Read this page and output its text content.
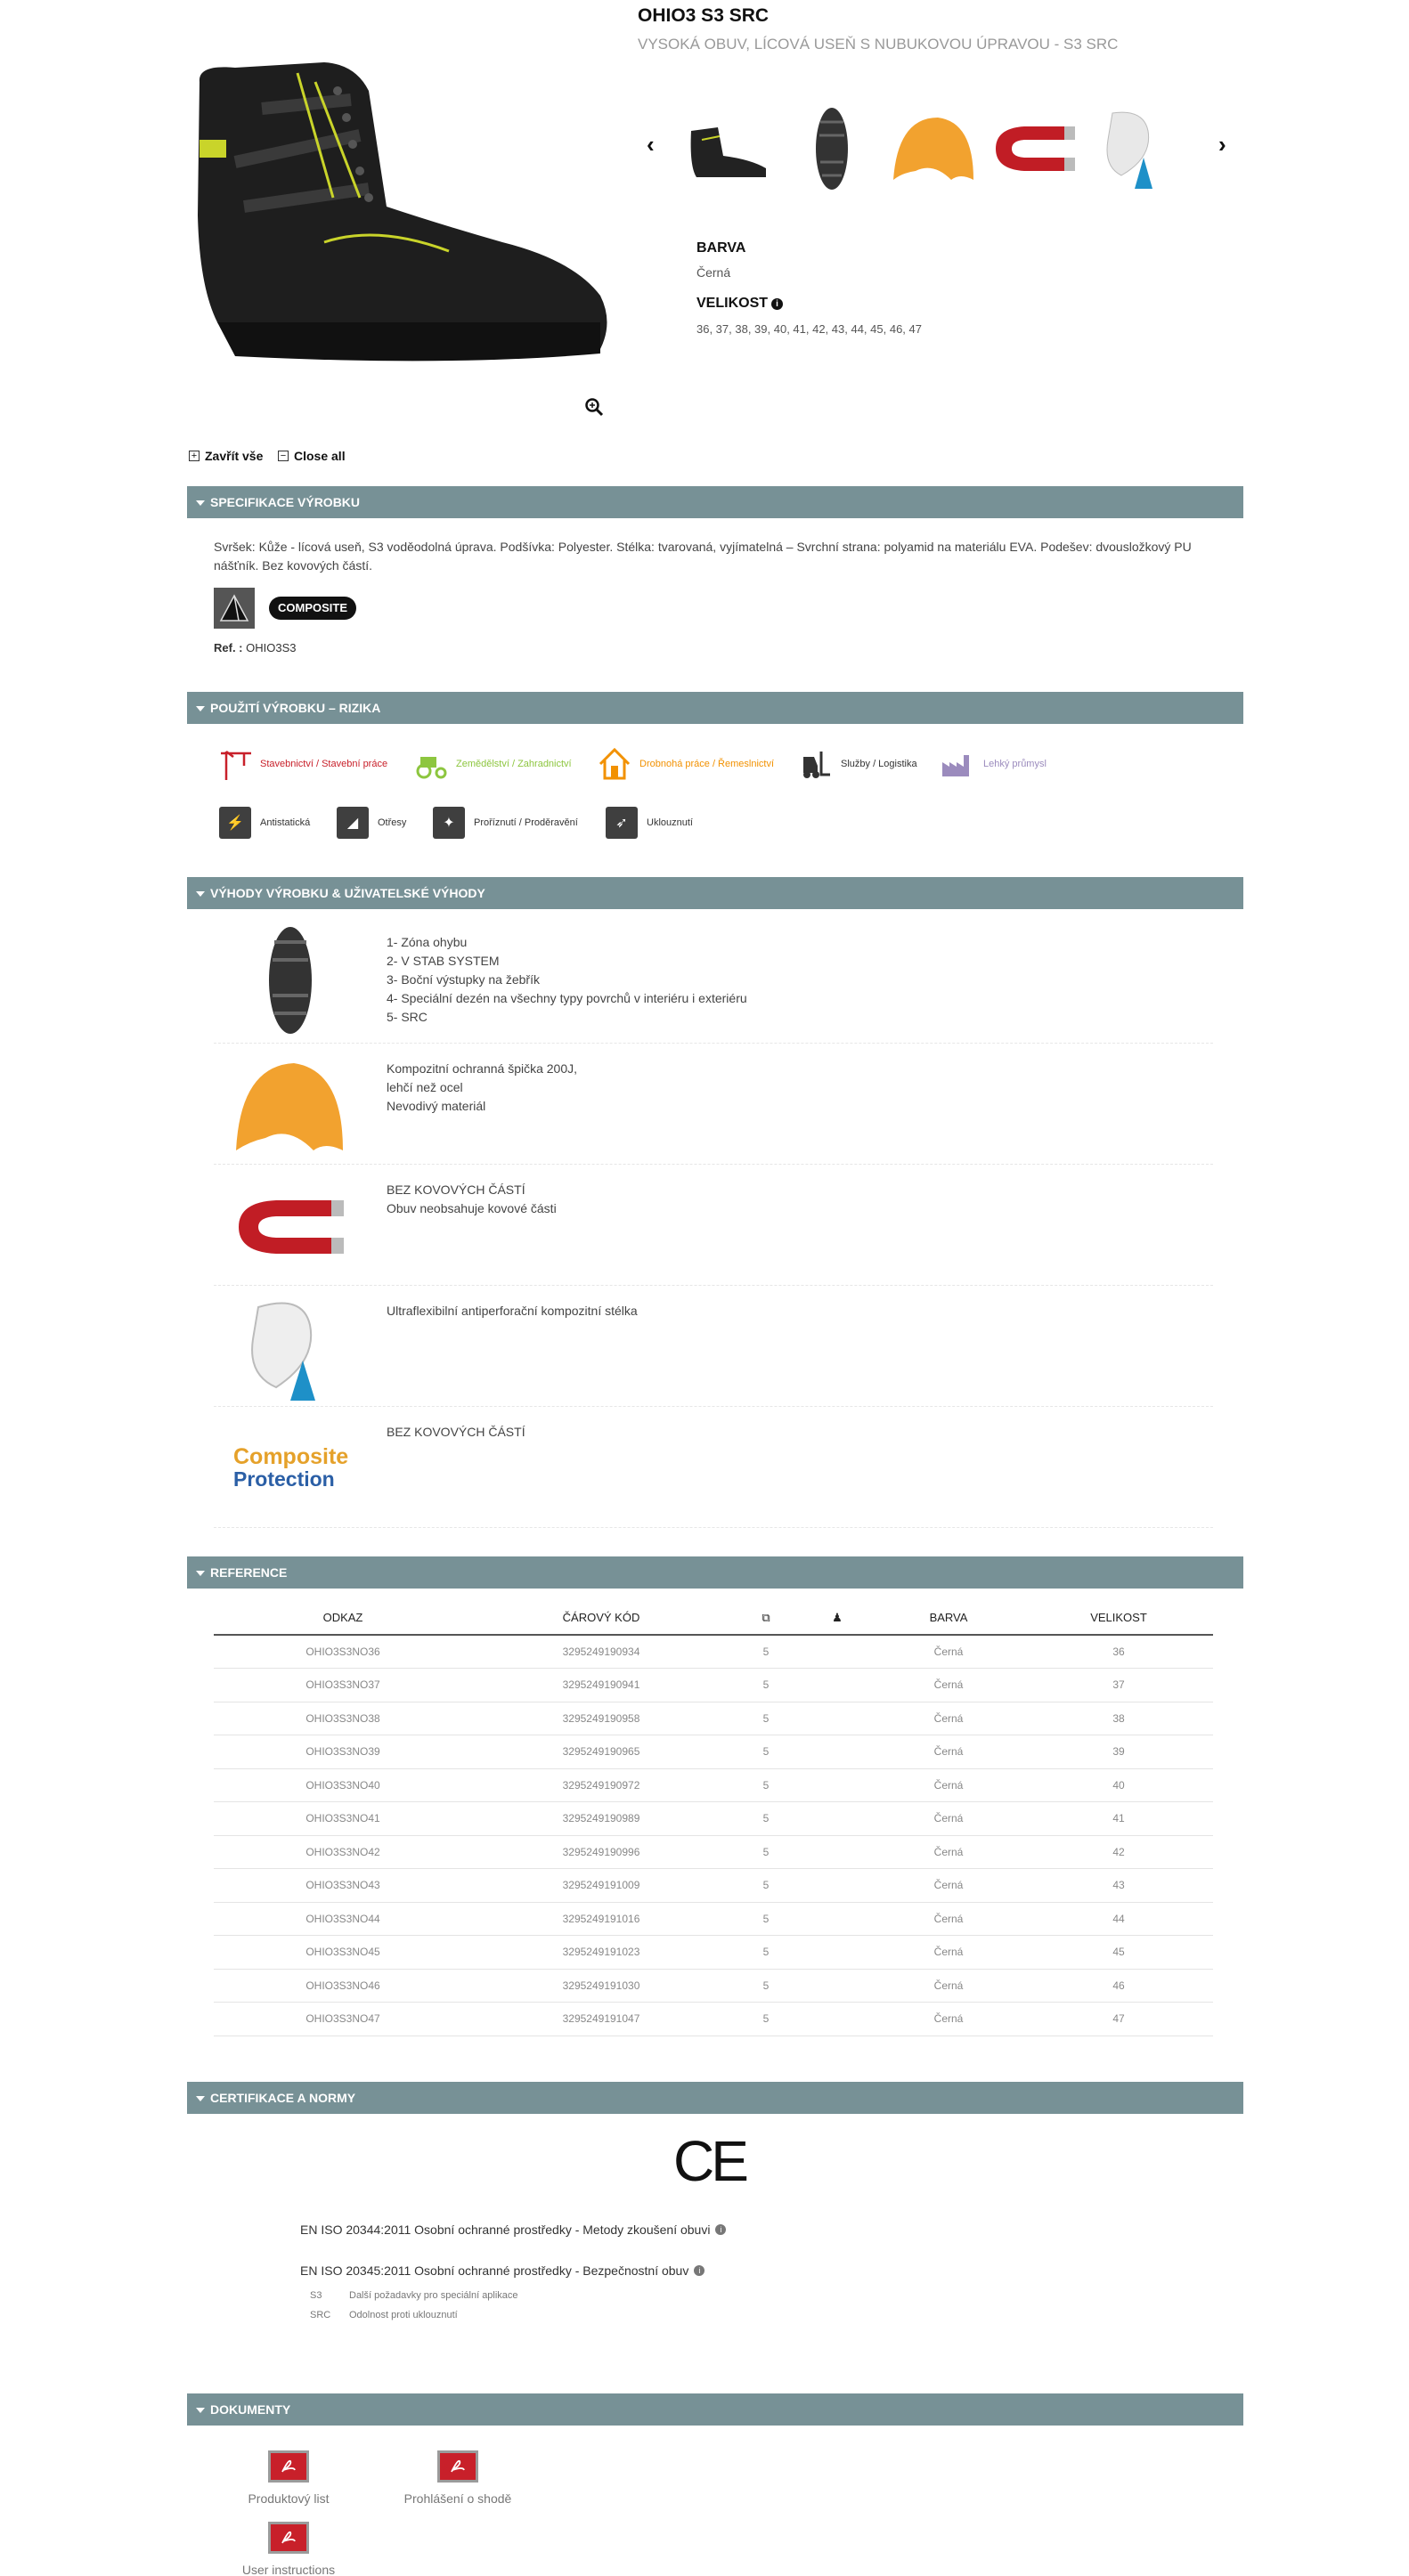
OHIO3 S3 SRC
VYSOKÁ OBUV, LÍCOVÁ USEŇ S NUBUKOVOU ÚPRAVOU - S3 SRC
‹	›
BARVA
Černá
VELIKOST i
36, 37, 38, 39, 40, 41, 42, 43, 44, 45, 46, 47
+ Zavřít vše − Close all
SPECIFIKACE VÝROBKU
Svršek: Kůže - lícová useň, S3 voděodolná úprava. Podšívka: Polyester. Stélka: tvarovaná, vyjímatelná – Svrchní strana: polyamid na materiálu EVA. Podešev: dvousložkový PU nášťník. Bez kovových částí.
COMPOSITE
Ref. : OHIO3S3
POUŽITÍ VÝROBKU – RIZIKA
Stavebnictví / Stavební práce	Zemědělství / Zahradnictví	Drobnohá práce / Řemeslnictví	Služby / Logistika	Lehký průmysl
⚡	Antistatická	◢	Otřesy	✦	Proříznutí / Proděravění	➶	Uklouznutí
VÝHODY VÝROBKU & UŽIVATELSKÉ VÝHODY
1- Zóna ohybu
2- V STAB SYSTEM
3- Boční výstupky na žebřík
4- Speciální dezén na všechny typy povrchů v interiéru i exteriéru
5- SRC
Kompozitní ochranná špička 200J,
lehčí než ocel
Nevodivý materiál
BEZ KOVOVÝCH ČÁSTÍ
Obuv neobsahuje kovové části
Ultraflexibilní antiperforační kompozitní stélka
Composite
Protection
BEZ KOVOVÝCH ČÁSTÍ
REFERENCE
ODKAZ	ČÁROVÝ KÓD	⧉	♟	BARVA	VELIKOST
OHIO3S3NO36	3295249190934	5		Černá	36
OHIO3S3NO37	3295249190941	5		Černá	37
OHIO3S3NO38	3295249190958	5		Černá	38
OHIO3S3NO39	3295249190965	5		Černá	39
OHIO3S3NO40	3295249190972	5		Černá	40
OHIO3S3NO41	3295249190989	5		Černá	41
OHIO3S3NO42	3295249190996	5		Černá	42
OHIO3S3NO43	3295249191009	5		Černá	43
OHIO3S3NO44	3295249191016	5		Černá	44
OHIO3S3NO45	3295249191023	5		Černá	45
OHIO3S3NO46	3295249191030	5		Černá	46
OHIO3S3NO47	3295249191047	5		Černá	47
CERTIFIKACE A NORMY
CE
EN ISO 20344:2011 Osobní ochranné prostředky - Metody zkoušení obuvi	i
EN ISO 20345:2011 Osobní ochranné prostředky - Bezpečnostní obuv	i
S3	Další požadavky pro speciální aplikace
SRC Odolnost proti uklouznutí
DOKUMENTY
Produktový list	Prohlášení o shodě
User instructions
